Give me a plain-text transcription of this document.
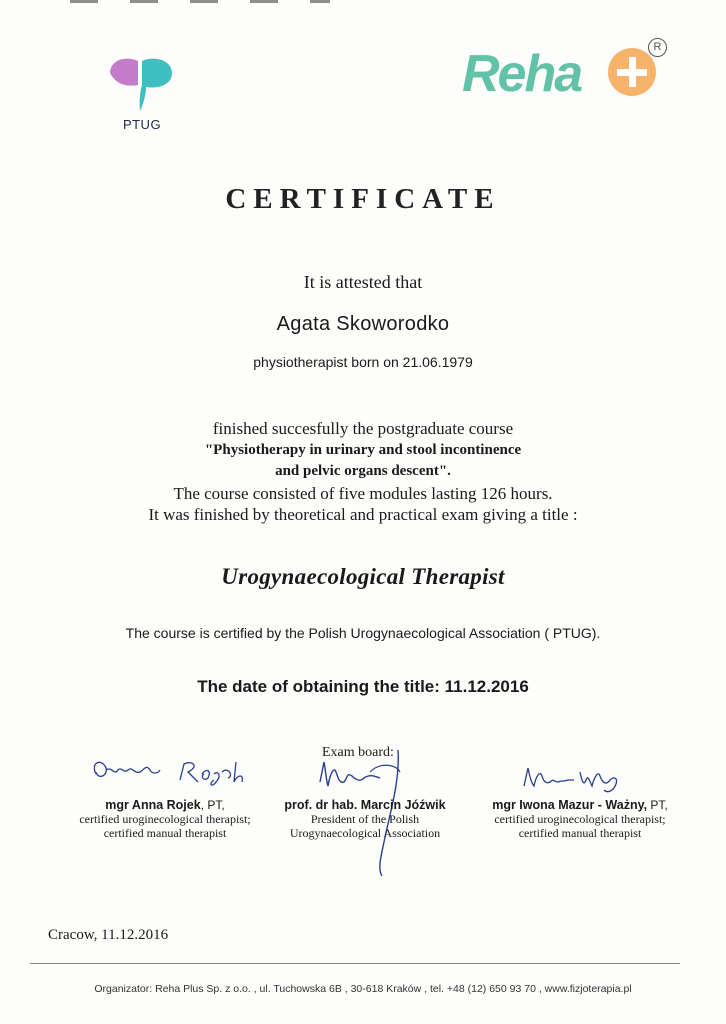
PTUG
Reha	R
CERTIFICATE
It is attested that
Agata Skoworodko
physiotherapist born on 21.06.1979
finished succesfully the postgraduate course
"Physiotherapy in urinary and stool incontinence
and pelvic organs descent".
The course consisted of five modules lasting 126 hours.
It was finished by theoretical and practical exam giving a title :
Urogynaecological Therapist
The course is certified by the Polish Urogynaecological Association ( PTUG).
The date of obtaining the title: 11.12.2016
Exam board:
mgr Anna Rojek, PT,
certified uroginecological therapist;
certified manual therapist
prof. dr hab. Marcin Jóźwik
President of the Polish
Urogynaecological Association
mgr Iwona Mazur - Ważny, PT,
certified uroginecological therapist;
certified manual therapist
Cracow, 11.12.2016
Organizator: Reha Plus Sp. z o.o. , ul. Tuchowska 6B , 30-618 Kraków , tel. +48 (12) 650 93 70 , www.fizjoterapia.pl
